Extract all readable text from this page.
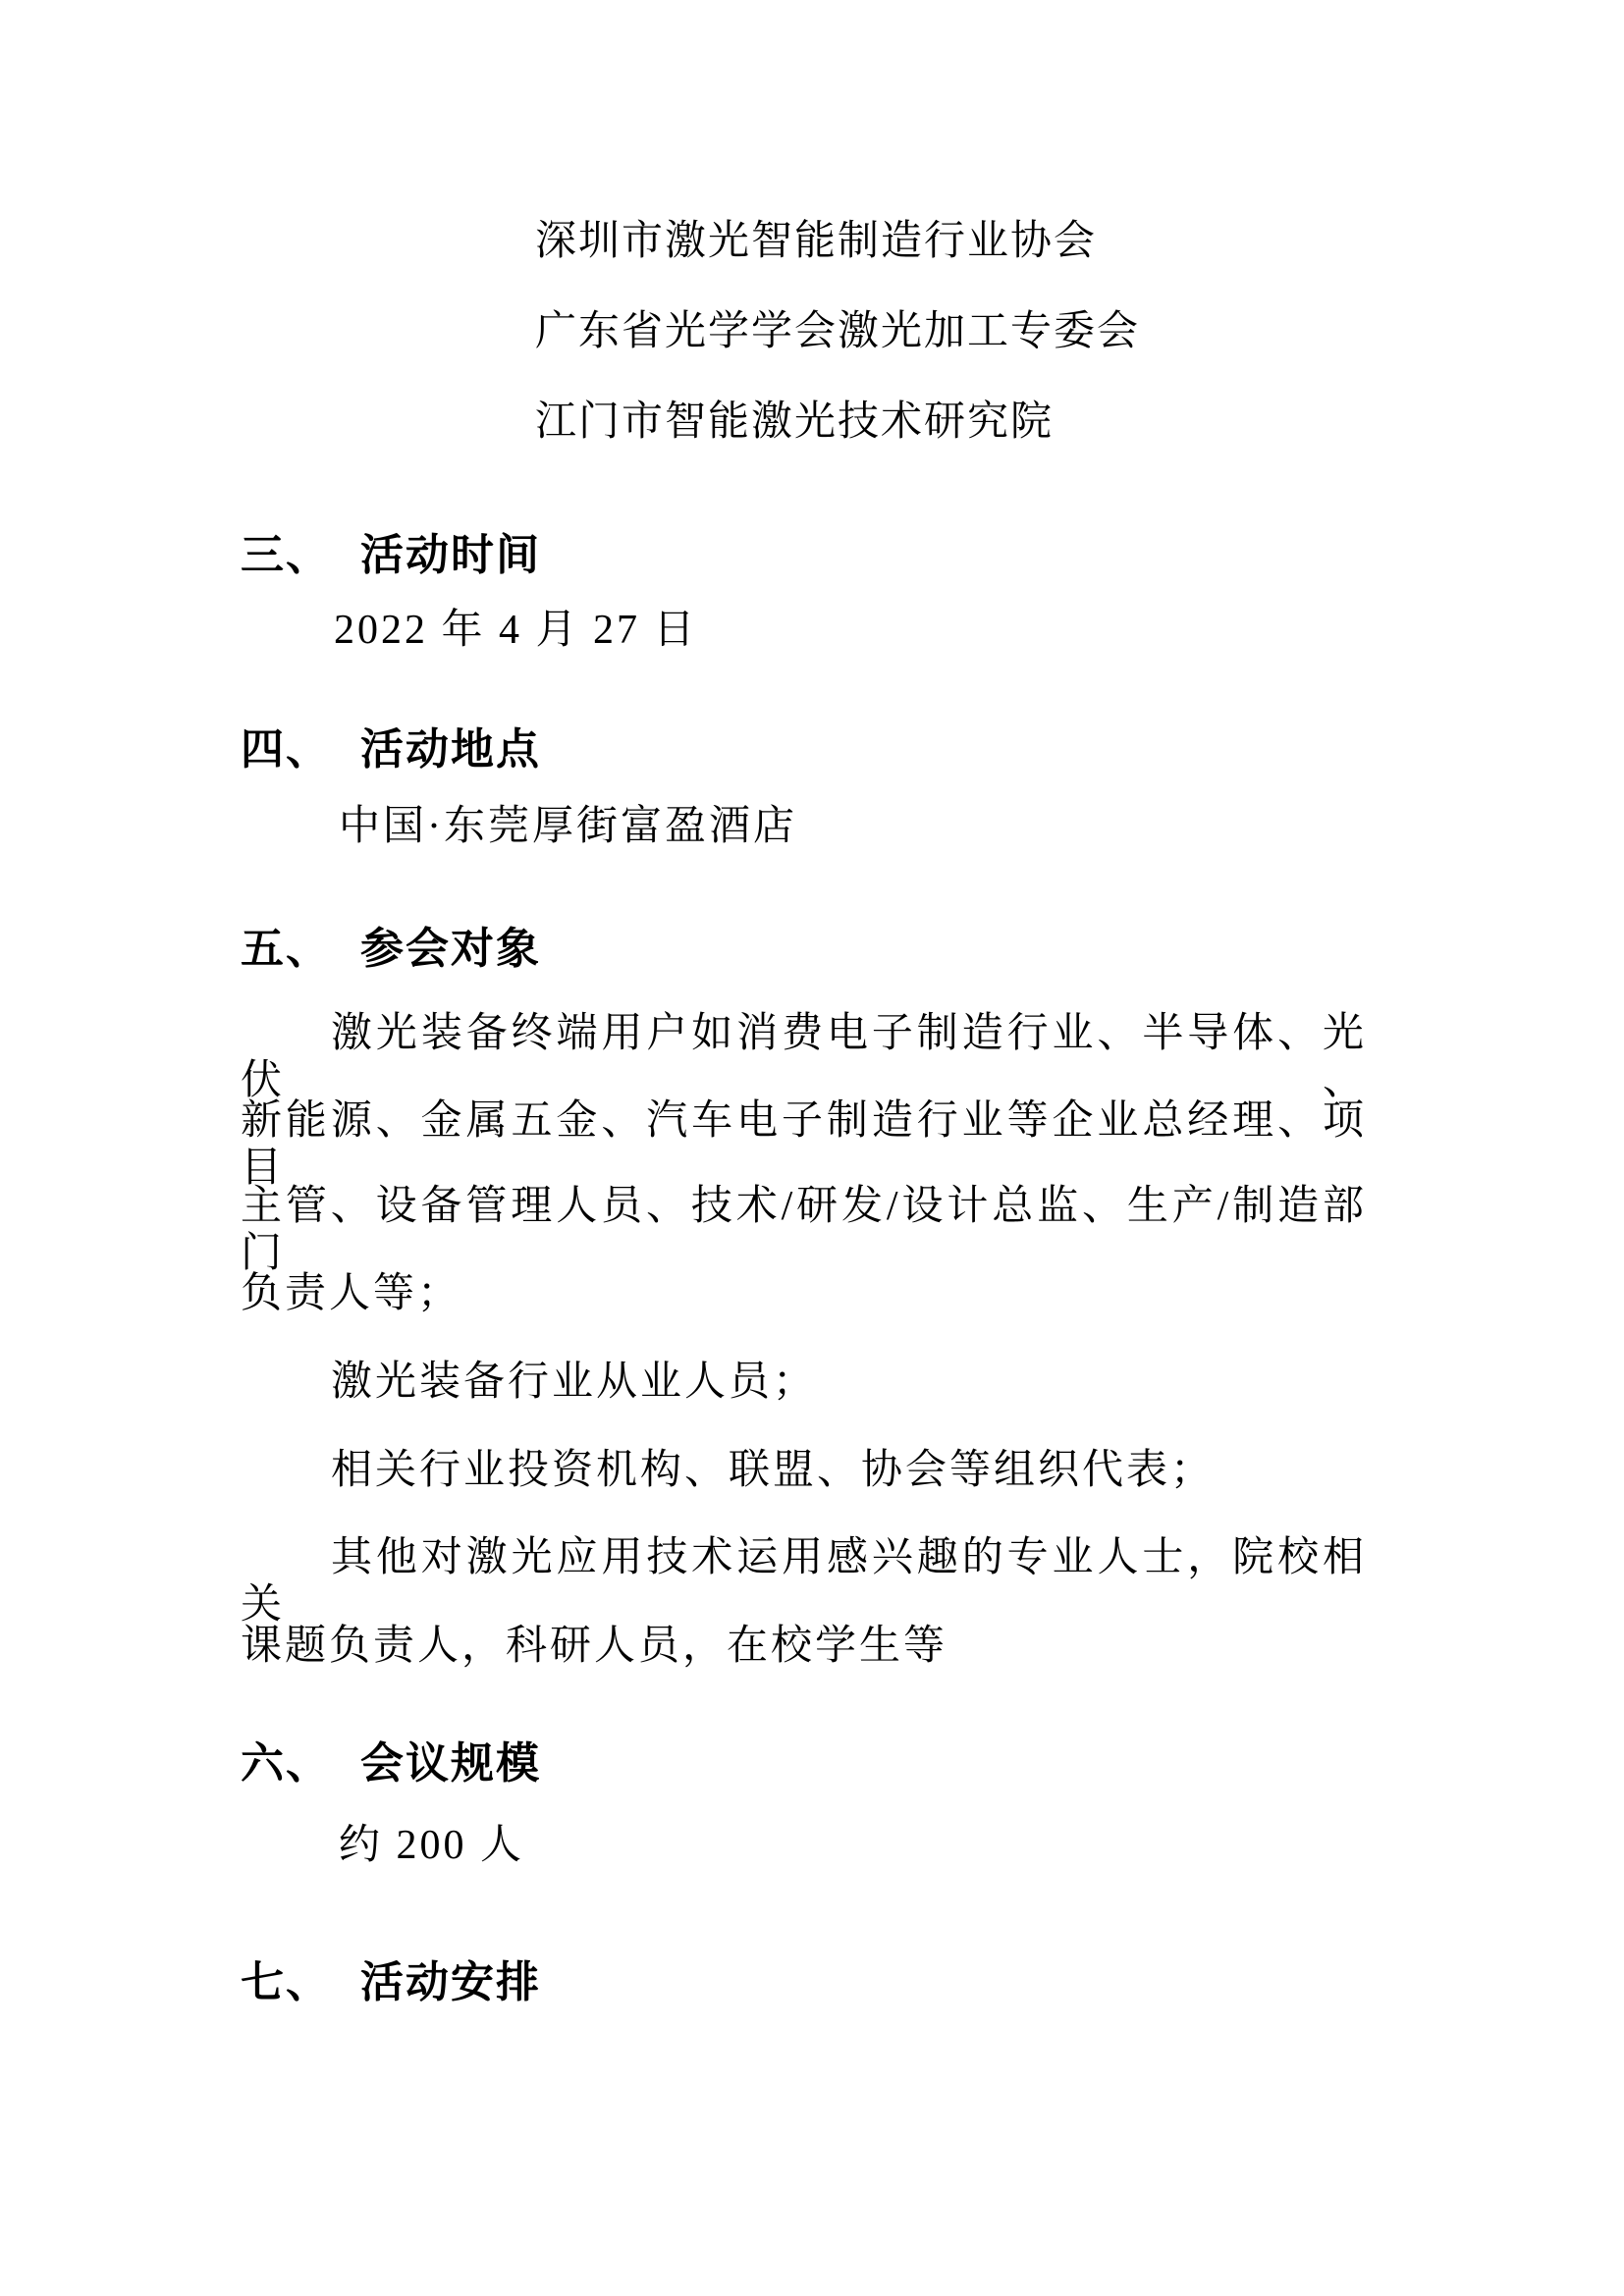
深圳市激光智能制造行业协会
广东省光学学会激光加工专委会
江门市智能激光技术研究院
三、 活动时间
2022 年 4 月 27 日
四、 活动地点
中国·东莞厚街富盈酒店
五、 参会对象
激光装备终端用户如消费电子制造行业、半导体、光伏、
新能源、金属五金、汽车电子制造行业等企业总经理、项目
主管、设备管理人员、技术/研发/设计总监、生产/制造部门
负责人等；
激光装备行业从业人员；
相关行业投资机构、联盟、协会等组织代表；
其他对激光应用技术运用感兴趣的专业人士，院校相关
课题负责人，科研人员，在校学生等
六、 会议规模
约 200 人
七、 活动安排
